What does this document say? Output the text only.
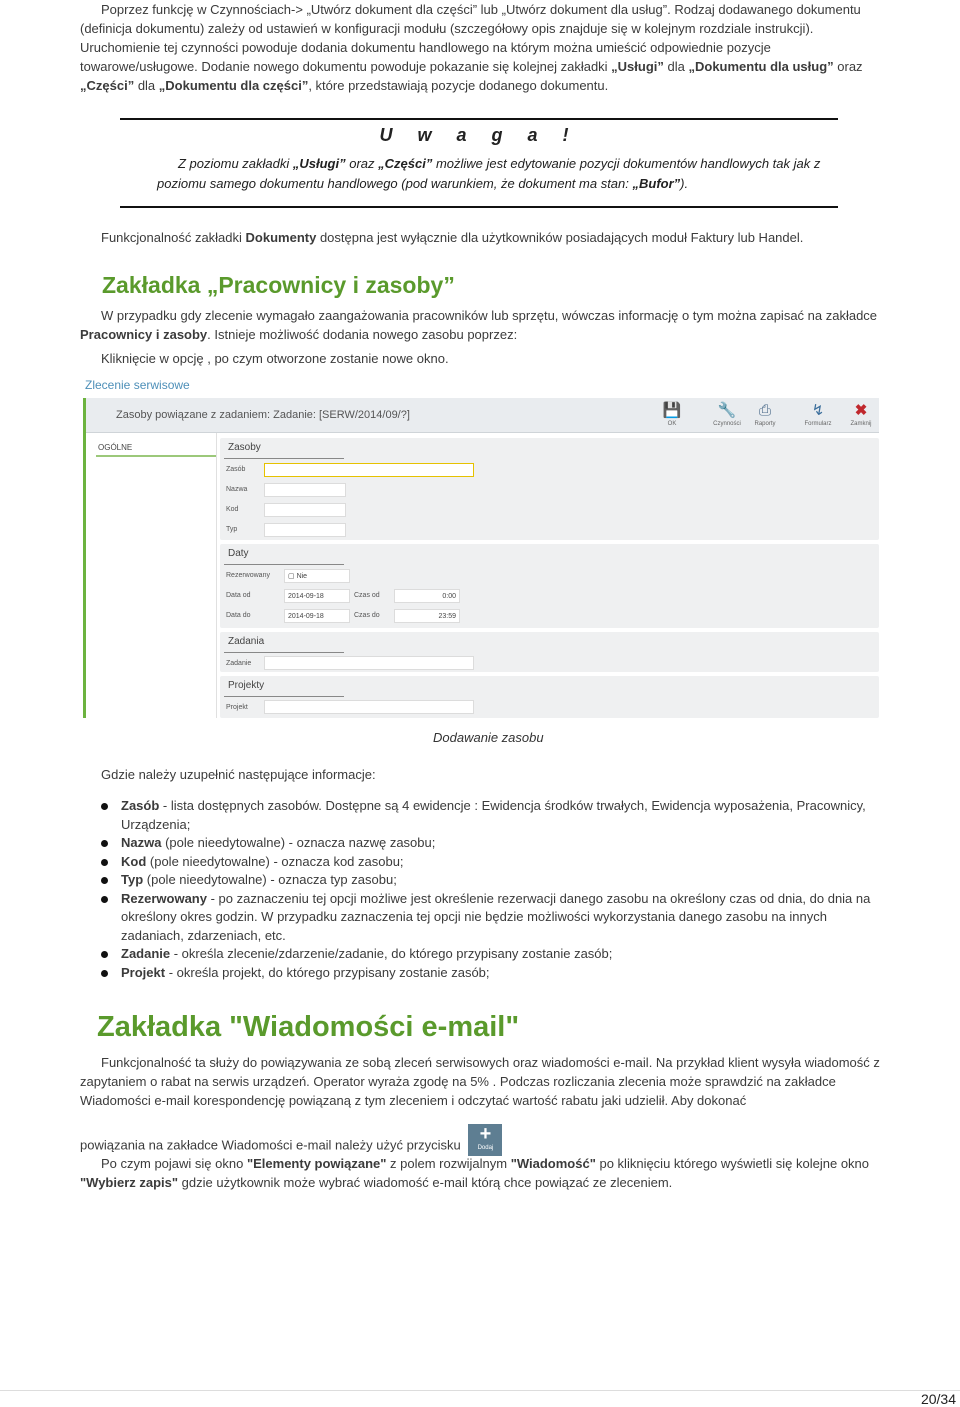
Poprzez funkcję w Czynnościach-> „Utwórz dokument dla części” lub „Utwórz dokument dla usług”. Rodzaj dodawanego dokumentu (definicja dokumentu) zależy od ustawień w konfiguracji modułu (szczegółowy opis znajduje się w kolejnym rozdziale instrukcji). Uruchomienie tej czynności powoduje dodania dokumentu handlowego na którym można umieścić odpowiednie pozycje towarowe/usługowe. Dodanie nowego dokumentu powoduje pokazanie się kolejnej zakładki „Usługi” dla „Dokumentu dla usług” oraz „Części” dla „Dokumentu dla części”, które przedstawiają pozycje dodanego dokumentu.
U w a g a !
Z poziomu zakładki „Usługi” oraz „Części” możliwe jest edytowanie pozycji dokumentów handlowych tak jak z poziomu samego dokumentu handlowego (pod warunkiem, że dokument ma stan: „Bufor”).
Funkcjonalność zakładki Dokumenty dostępna jest wyłącznie dla użytkowników posiadających moduł Faktury lub Handel.
Zakładka „Pracownicy i zasoby”
W przypadku gdy zlecenie wymagało zaangażowania pracowników lub sprzętu, wówczas informację o tym można zapisać na zakładce Pracownicy i zasoby. Istnieje możliwość dodania nowego zasobu poprzez:
Kliknięcie w opcję , po czym otworzone zostanie nowe okno.
Zlecenie serwisowe
Zasoby powiązane z zadaniem: Zadanie: [SERW/2014/09/?]	💾
OK
🔧
Czynności
⎙
Raporty
↯
Formularz
✖
Zamknij
OGÓLNE	Zasoby
Zasób
Nazwa
Kod
Typ
Daty
Rezerwowany	▢ Nie
Data od	2014-09-18	Czas od	0:00
Data do	2014-09-18	Czas do	23:59
Zadania
Zadanie
Projekty
Projekt
Dodawanie zasobu
Gdzie należy uzupełnić następujące informacje:
Zasób - lista dostępnych zasobów. Dostępne są 4 ewidencje : Ewidencja środków trwałych, Ewidencja wyposażenia, Pracownicy, Urządzenia;
Nazwa (pole nieedytowalne) - oznacza nazwę zasobu;
Kod (pole nieedytowalne) - oznacza kod zasobu;
Typ (pole nieedytowalne) - oznacza typ zasobu;
Rezerwowany - po zaznaczeniu tej opcji możliwe jest określenie rezerwacji danego zasobu na określony czas od dnia, do dnia na określony okres godzin. W przypadku zaznaczenia tej opcji nie będzie możliwości wykorzystania danego zasobu na innych zadaniach, zdarzeniach, etc.
Zadanie - określa zlecenie/zdarzenie/zadanie, do którego przypisany zostanie zasób;
Projekt - określa projekt, do którego przypisany zostanie zasób;
Zakładka "Wiadomości e-mail"
Funkcjonalność ta służy do powiązywania ze sobą zleceń serwisowych oraz wiadomości e-mail. Na przykład klient wysyła wiadomość z zapytaniem o rabat na serwis urządzeń. Operator wyraża zgodę na 5% . Podczas rozliczania zlecenia może sprawdzić na zakładce Wiadomości e-mail korespondencję powiązaną z tym zleceniem i odczytać wartość rabatu jaki udzielił. Aby dokonać
powiązania na zakładce Wiadomości e-mail należy użyć przycisku +
Dodaj
Po czym pojawi się okno "Elementy powiązane" z polem rozwijalnym "Wiadomość" po kliknięciu którego wyświetli się kolejne okno "Wybierz zapis" gdzie użytkownik może wybrać wiadomość e-mail którą chce powiązać ze zleceniem.
20/34
